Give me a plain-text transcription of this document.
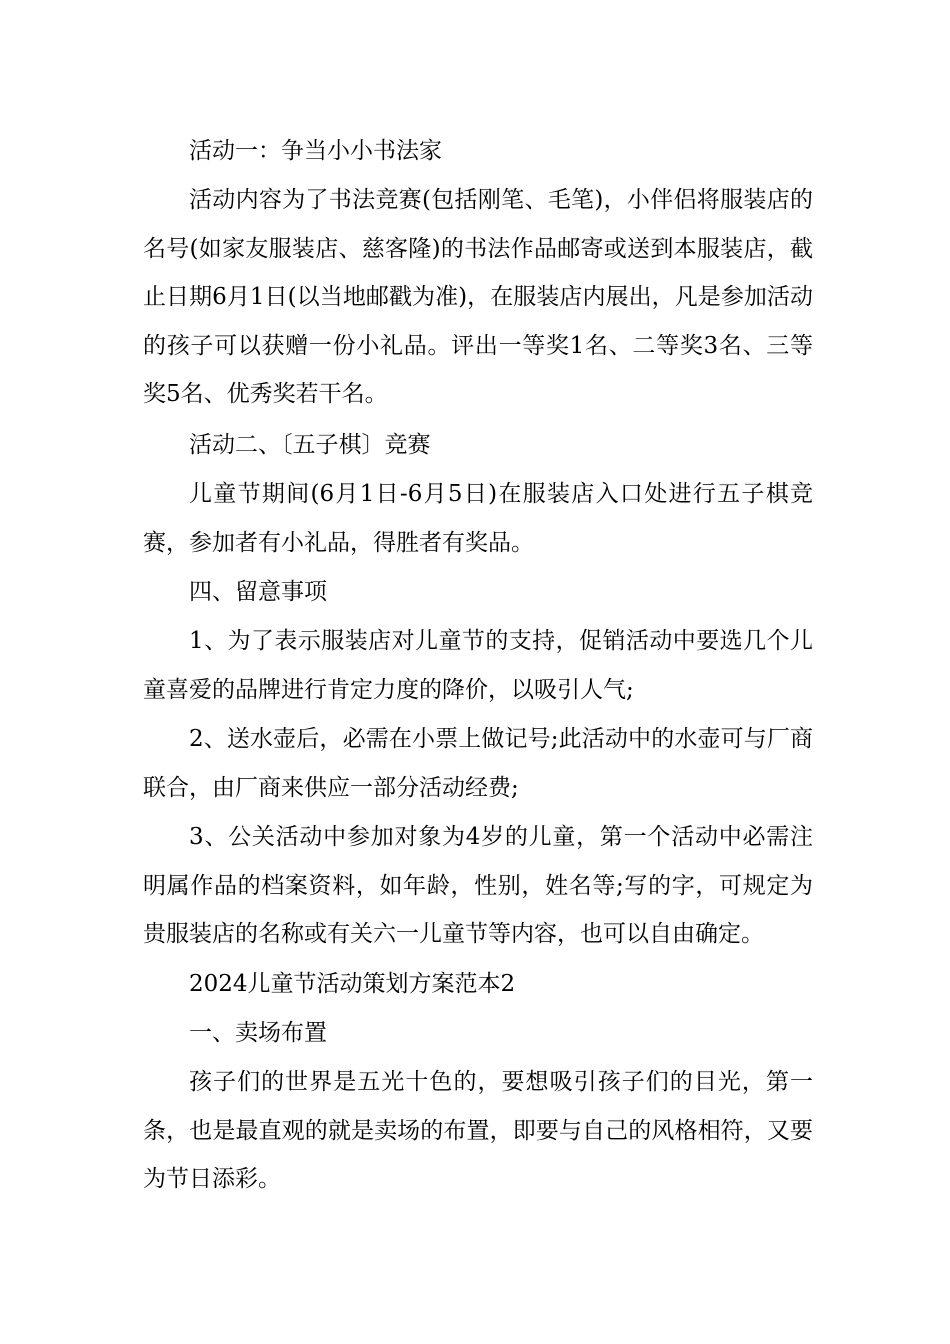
活动一：争当小小书法家

活动内容为了书法竞赛(包括刚笔、毛笔)，小伴侣将服装店的名号(如家友服装店、慈客隆)的书法作品邮寄或送到本服装店，截止日期6月1日(以当地邮戳为准)，在服装店内展出，凡是参加活动的孩子可以获赠一份小礼品。评出一等奖1名、二等奖3名、三等奖5名、优秀奖若干名。

活动二、〔五子棋〕竞赛

儿童节期间(6月1日-6月5日)在服装店入口处进行五子棋竞赛，参加者有小礼品，得胜者有奖品。

四、留意事项

1、为了表示服装店对儿童节的支持，促销活动中要选几个儿童喜爱的品牌进行肯定力度的降价，以吸引人气;

2、送水壶后，必需在小票上做记号;此活动中的水壶可与厂商联合，由厂商来供应一部分活动经费;

3、公关活动中参加对象为4岁的儿童，第一个活动中必需注明属作品的档案资料，如年龄，性别，姓名等;写的字，可规定为贵服装店的名称或有关六一儿童节等内容，也可以自由确定。

2024儿童节活动策划方案范本2

一、卖场布置

孩子们的世界是五光十色的，要想吸引孩子们的目光，第一条，也是最直观的就是卖场的布置，即要与自己的风格相符，又要为节日添彩。
